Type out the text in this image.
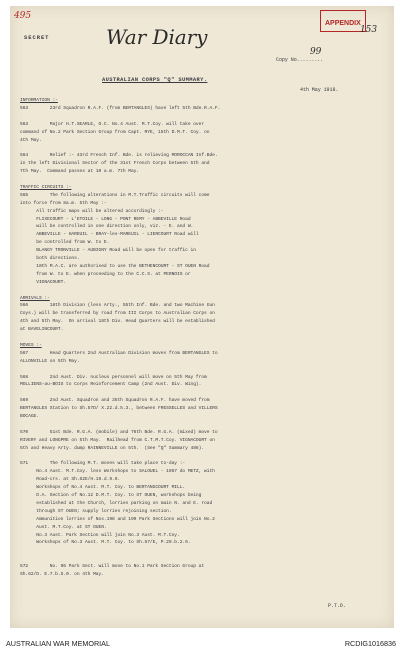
495
APPENDIX
153
SECRET	War Diary
Copy No.........
99
AUSTRALIAN CORPS "Q" SUMMARY.
4th May 1918.
INFORMATION :-
563        23rd Squadron R.A.F. (from BERTANGLES) have left 5th Bde.R.A.F.
563        Major H.T.SEARLE, O.C. No.4 Aust. M.T.Coy. will take over
command of No.2 Park Section Group from Capt. RYE, 15th D.M.T. Coy. on
4th May.
564        Relief :- 43rd French Inf. Bde. is relieving MOROCCAN Inf.Bde.
in the left Divisional Sector of the 31st French Corps between 5th and
7th May.  Command passes at 10 a.m. 7th May.
TRAFFIC CIRCUITS :-
565        The following alterations in M.T.Traffic circuits will come
into force from 8a.m. 5th May :-
All traffic maps will be altered accordingly :-
FLIXECOURT - L'ETOILE - LONG - PONT REMY - ABBEVILLE Road
will be controlled in one direction only, viz. - E. and W.
ABBEVILLE - HAREUIL - BRAY-les-MAREUIL - LIERCOURT Road will
be controlled from W. to E.
BLANGY TRONVILLE - AUBIGNY Road will be open for traffic in
both directions.
10th M.A.C. are authorised to use the BETHENCOURT - ST OUEN Road
from W. to E. when proceeding to the C.C.S. at PERNOIS or
VIGNACOURT.
ARRIVALS :-
566        18th Division (less Arty., 55th Inf. Bde. and two Machine Gun
Coys.) will be transferred by road from III Corps to Australian Corps on
4th and 5th May.  On arrival 18th Div. Head Quarters will be established
at BAVELINCOURT.
MOVES :-
567        Head Quarters 2nd Australian Division moves from BERTANGLES to
ALLONVILLE on 5th May.
568        2nd Aust. Div. nucleus personnel will move on 5th May from
MOLLIENS-au-BOIS to Corps Reinforcement Camp (2nd Aust. Div. Wing).
569        2nd Aust. Squadron and 35th Squadron R.A.F. have moved from
BERTANGLES Station to Sh.57D/ X.22.d.5.3., between FRESSELLES and VILLERS
BOCAGE.
570        51st Bde. R.G.A. (mobile) and 76th Bde. R.G.A. (mixed) move to
RIVERY and LONGPRE on 5th May.  Railhead from C.T.M.T.Coy. VIGNACOURT on
5th and Heavy Arty. dump RAINNEVILLE on 5th.  (See "Q" Summary 486).
571        The following M.T. moves will take place to-day :-
No.4 Aust. M.T.Coy. less Workshops to SALOUEL - 1057 do METZ, with
Road-crs. at Sh.62E/H.19.d.9.9.
Workshops of No.4 Aust. M.T. Coy. to BERTANGCOURT MILL.
D.A. Section of No.12 D.M.T. Coy. to ST OUEN, workshops being
established at the Church, lorries parking on main N. and E. road
through ST OUEN; supply lorries rejoining section.
Ammunition lorries of Nos.198 and 199 Park Sections will join No.2
Aust. M.T.Coy. at ST OUEN.
No.3 Aust. Park Section will join No.3 Aust. M.T.Coy.
Workshops of No.3 Aust. M.T. Coy. to Sh.57/E, P.29.b.2.6.
572        No. 96 Park Sect. will move to No.1 Park Section Group at
Sh.62/D. E.7.b.5.0. on 4th May.
P.T.O.
AUSTRALIAN WAR MEMORIAL	RCDIG1016836
